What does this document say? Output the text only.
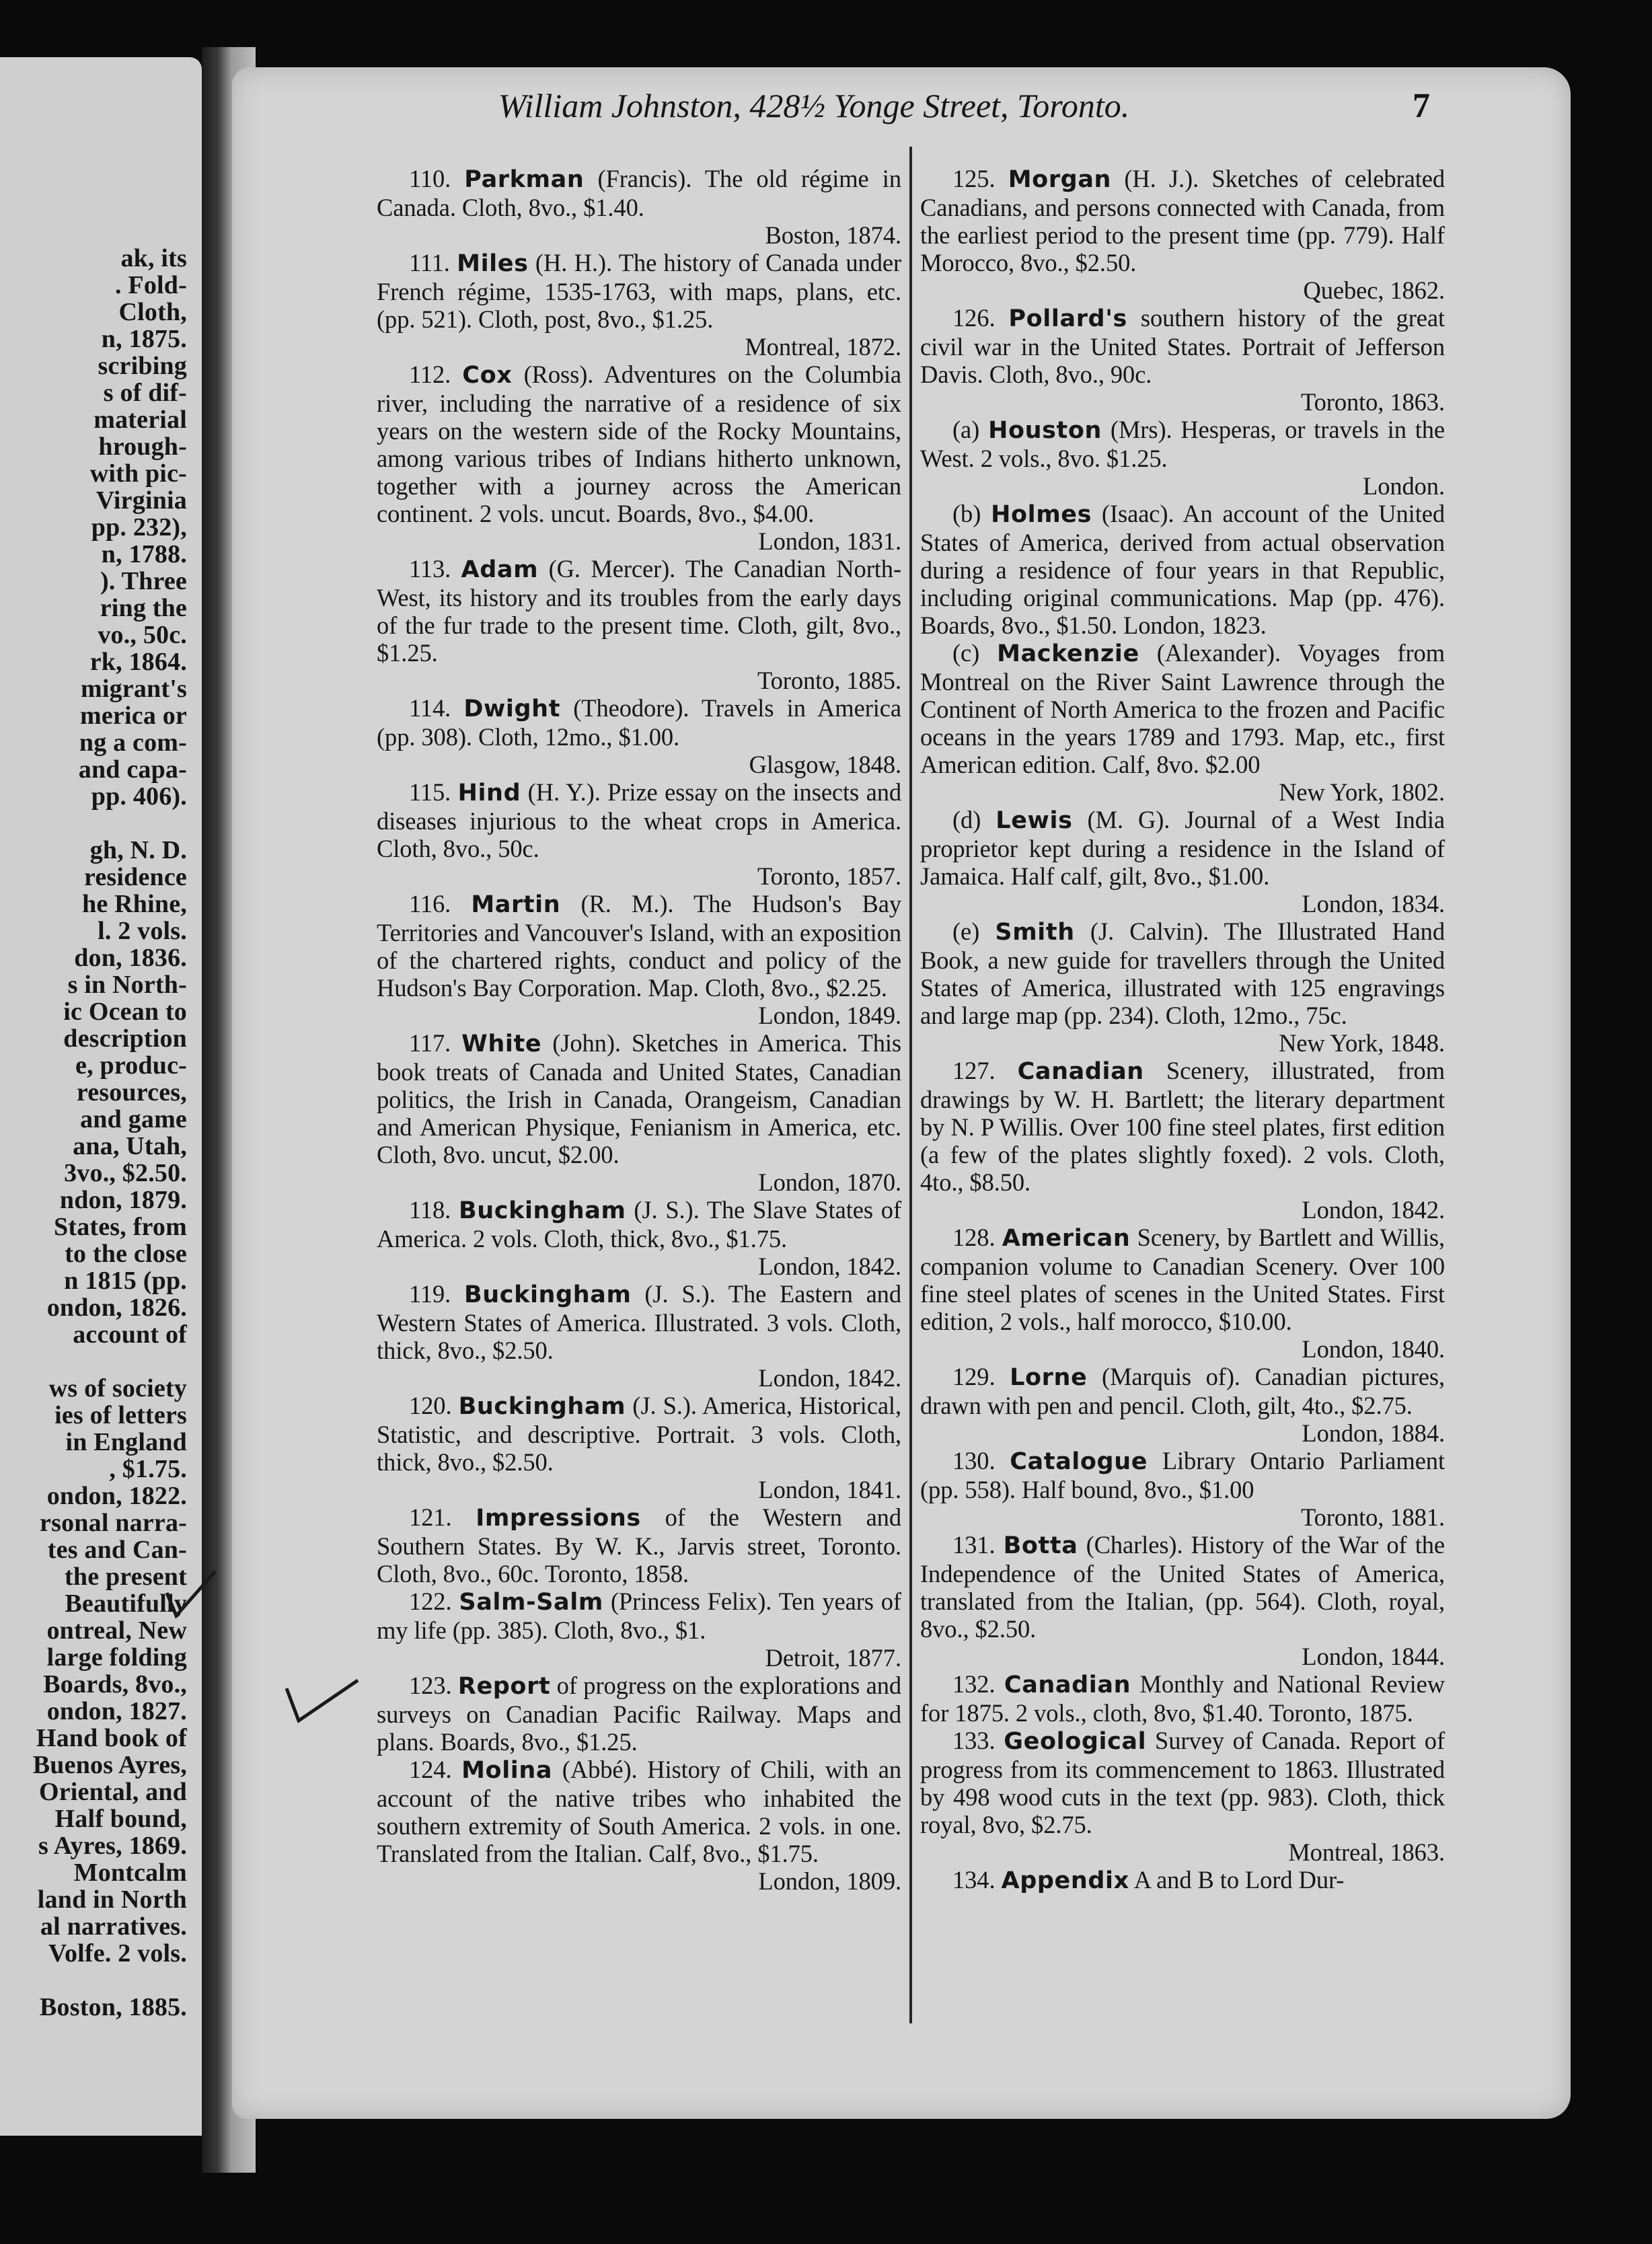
ak, its
. Fold-
Cloth,
n, 1875.
scribing
s of dif-
material
hrough-
with pic-
Virginia
pp. 232),
n, 1788.
). Three
ring the
vo., 50c.
rk, 1864.
migrant's
merica or
ng a com-
and capa-
pp. 406).
gh, N. D.
residence
he Rhine,
l. 2 vols.
don, 1836.
s in North-
ic Ocean to
description
e, produc-
resources,
and game
ana, Utah,
3vo., $2.50.
ndon, 1879.
States, from
to the close
n 1815 (pp.
ondon, 1826.
account of
ws of society
ies of letters
in England
, $1.75.
ondon, 1822.
rsonal narra-
tes and Can-
the present
Beautifully
ontreal, New
large folding
Boards, 8vo.,
ondon, 1827.
Hand book of
Buenos Ayres,
Oriental, and
Half bound,
s Ayres, 1869.
Montcalm
land in North
al narratives.
Volfe. 2 vols.
Boston, 1885.
William Johnston, 428½ Yonge Street, Toronto.	7

110. Parkman (Francis). The old régime in Canada. Cloth, 8vo., $1.40.

Boston, 1874.

111. Miles (H. H.). The history of Canada under French régime, 1535-1763, with maps, plans, etc. (pp. 521). Cloth, post, 8vo., $1.25.

Montreal, 1872.

112. Cox (Ross). Adventures on the Columbia river, including the narrative of a residence of six years on the western side of the Rocky Mountains, among various tribes of Indians hitherto unknown, together with a journey across the American continent. 2 vols. uncut. Boards, 8vo., $4.00.

London, 1831.

113. Adam (G. Mercer). The Canadian North-West, its history and its troubles from the early days of the fur trade to the present time. Cloth, gilt, 8vo., $1.25.

Toronto, 1885.

114. Dwight (Theodore). Travels in America (pp. 308). Cloth, 12mo., $1.00.

Glasgow, 1848.

115. Hind (H. Y.). Prize essay on the insects and diseases injurious to the wheat crops in America. Cloth, 8vo., 50c.

Toronto, 1857.

116. Martin (R. M.). The Hudson's Bay Territories and Vancouver's Island, with an exposition of the chartered rights, conduct and policy of the Hudson's Bay Corporation. Map. Cloth, 8vo., $2.25.

London, 1849.

117. White (John). Sketches in America. This book treats of Canada and United States, Canadian politics, the Irish in Canada, Orangeism, Canadian and American Physique, Fenianism in America, etc. Cloth, 8vo. uncut, $2.00.

London, 1870.

118. Buckingham (J. S.). The Slave States of America. 2 vols. Cloth, thick, 8vo., $1.75.

London, 1842.

119. Buckingham (J. S.). The Eastern and Western States of America. Illustrated. 3 vols. Cloth, thick, 8vo., $2.50.

London, 1842.

120. Buckingham (J. S.). America, Historical, Statistic, and descriptive. Portrait. 3 vols. Cloth, thick, 8vo., $2.50.

London, 1841.

121. Impressions of the Western and Southern States. By W. K., Jarvis street, Toronto. Cloth, 8vo., 60c. Toronto, 1858.

122. Salm-Salm (Princess Felix). Ten years of my life (pp. 385). Cloth, 8vo., $1.

Detroit, 1877.

123. Report of progress on the explorations and surveys on Canadian Pacific Railway. Maps and plans. Boards, 8vo., $1.25.

124. Molina (Abbé). History of Chili, with an account of the native tribes who inhabited the southern extremity of South America. 2 vols. in one. Translated from the Italian. Calf, 8vo., $1.75.

London, 1809.

125. Morgan (H. J.). Sketches of celebrated Canadians, and persons connected with Canada, from the earliest period to the present time (pp. 779). Half Morocco, 8vo., $2.50.

Quebec, 1862.

126. Pollard's southern history of the great civil war in the United States. Portrait of Jefferson Davis. Cloth, 8vo., 90c.

Toronto, 1863.

(a) Houston (Mrs). Hesperas, or travels in the West. 2 vols., 8vo. $1.25.

London.

(b) Holmes (Isaac). An account of the United States of America, derived from actual observation during a residence of four years in that Republic, including original communications. Map (pp. 476). Boards, 8vo., $1.50. London, 1823.

(c) Mackenzie (Alexander). Voyages from Montreal on the River Saint Lawrence through the Continent of North America to the frozen and Pacific oceans in the years 1789 and 1793. Map, etc., first American edition. Calf, 8vo. $2.00

New York, 1802.

(d) Lewis (M. G). Journal of a West India proprietor kept during a residence in the Island of Jamaica. Half calf, gilt, 8vo., $1.00.

London, 1834.

(e) Smith (J. Calvin). The Illustrated Hand Book, a new guide for travellers through the United States of America, illustrated with 125 engravings and large map (pp. 234). Cloth, 12mo., 75c.

New York, 1848.

127. Canadian Scenery, illustrated, from drawings by W. H. Bartlett; the literary department by N. P Willis. Over 100 fine steel plates, first edition (a few of the plates slightly foxed). 2 vols. Cloth, 4to., $8.50.

London, 1842.

128. American Scenery, by Bartlett and Willis, companion volume to Canadian Scenery. Over 100 fine steel plates of scenes in the United States. First edition, 2 vols., half morocco, $10.00.

London, 1840.

129. Lorne (Marquis of). Canadian pictures, drawn with pen and pencil. Cloth, gilt, 4to., $2.75.

London, 1884.

130. Catalogue Library Ontario Parliament (pp. 558). Half bound, 8vo., $1.00

Toronto, 1881.

131. Botta (Charles). History of the War of the Independence of the United States of America, translated from the Italian, (pp. 564). Cloth, royal, 8vo., $2.50.

London, 1844.

132. Canadian Monthly and National Review for 1875. 2 vols., cloth, 8vo, $1.40. Toronto, 1875.

133. Geological Survey of Canada. Report of progress from its commencement to 1863. Illustrated by 498 wood cuts in the text (pp. 983). Cloth, thick royal, 8vo, $2.75.

Montreal, 1863.

134. Appendix A and B to Lord Dur-
